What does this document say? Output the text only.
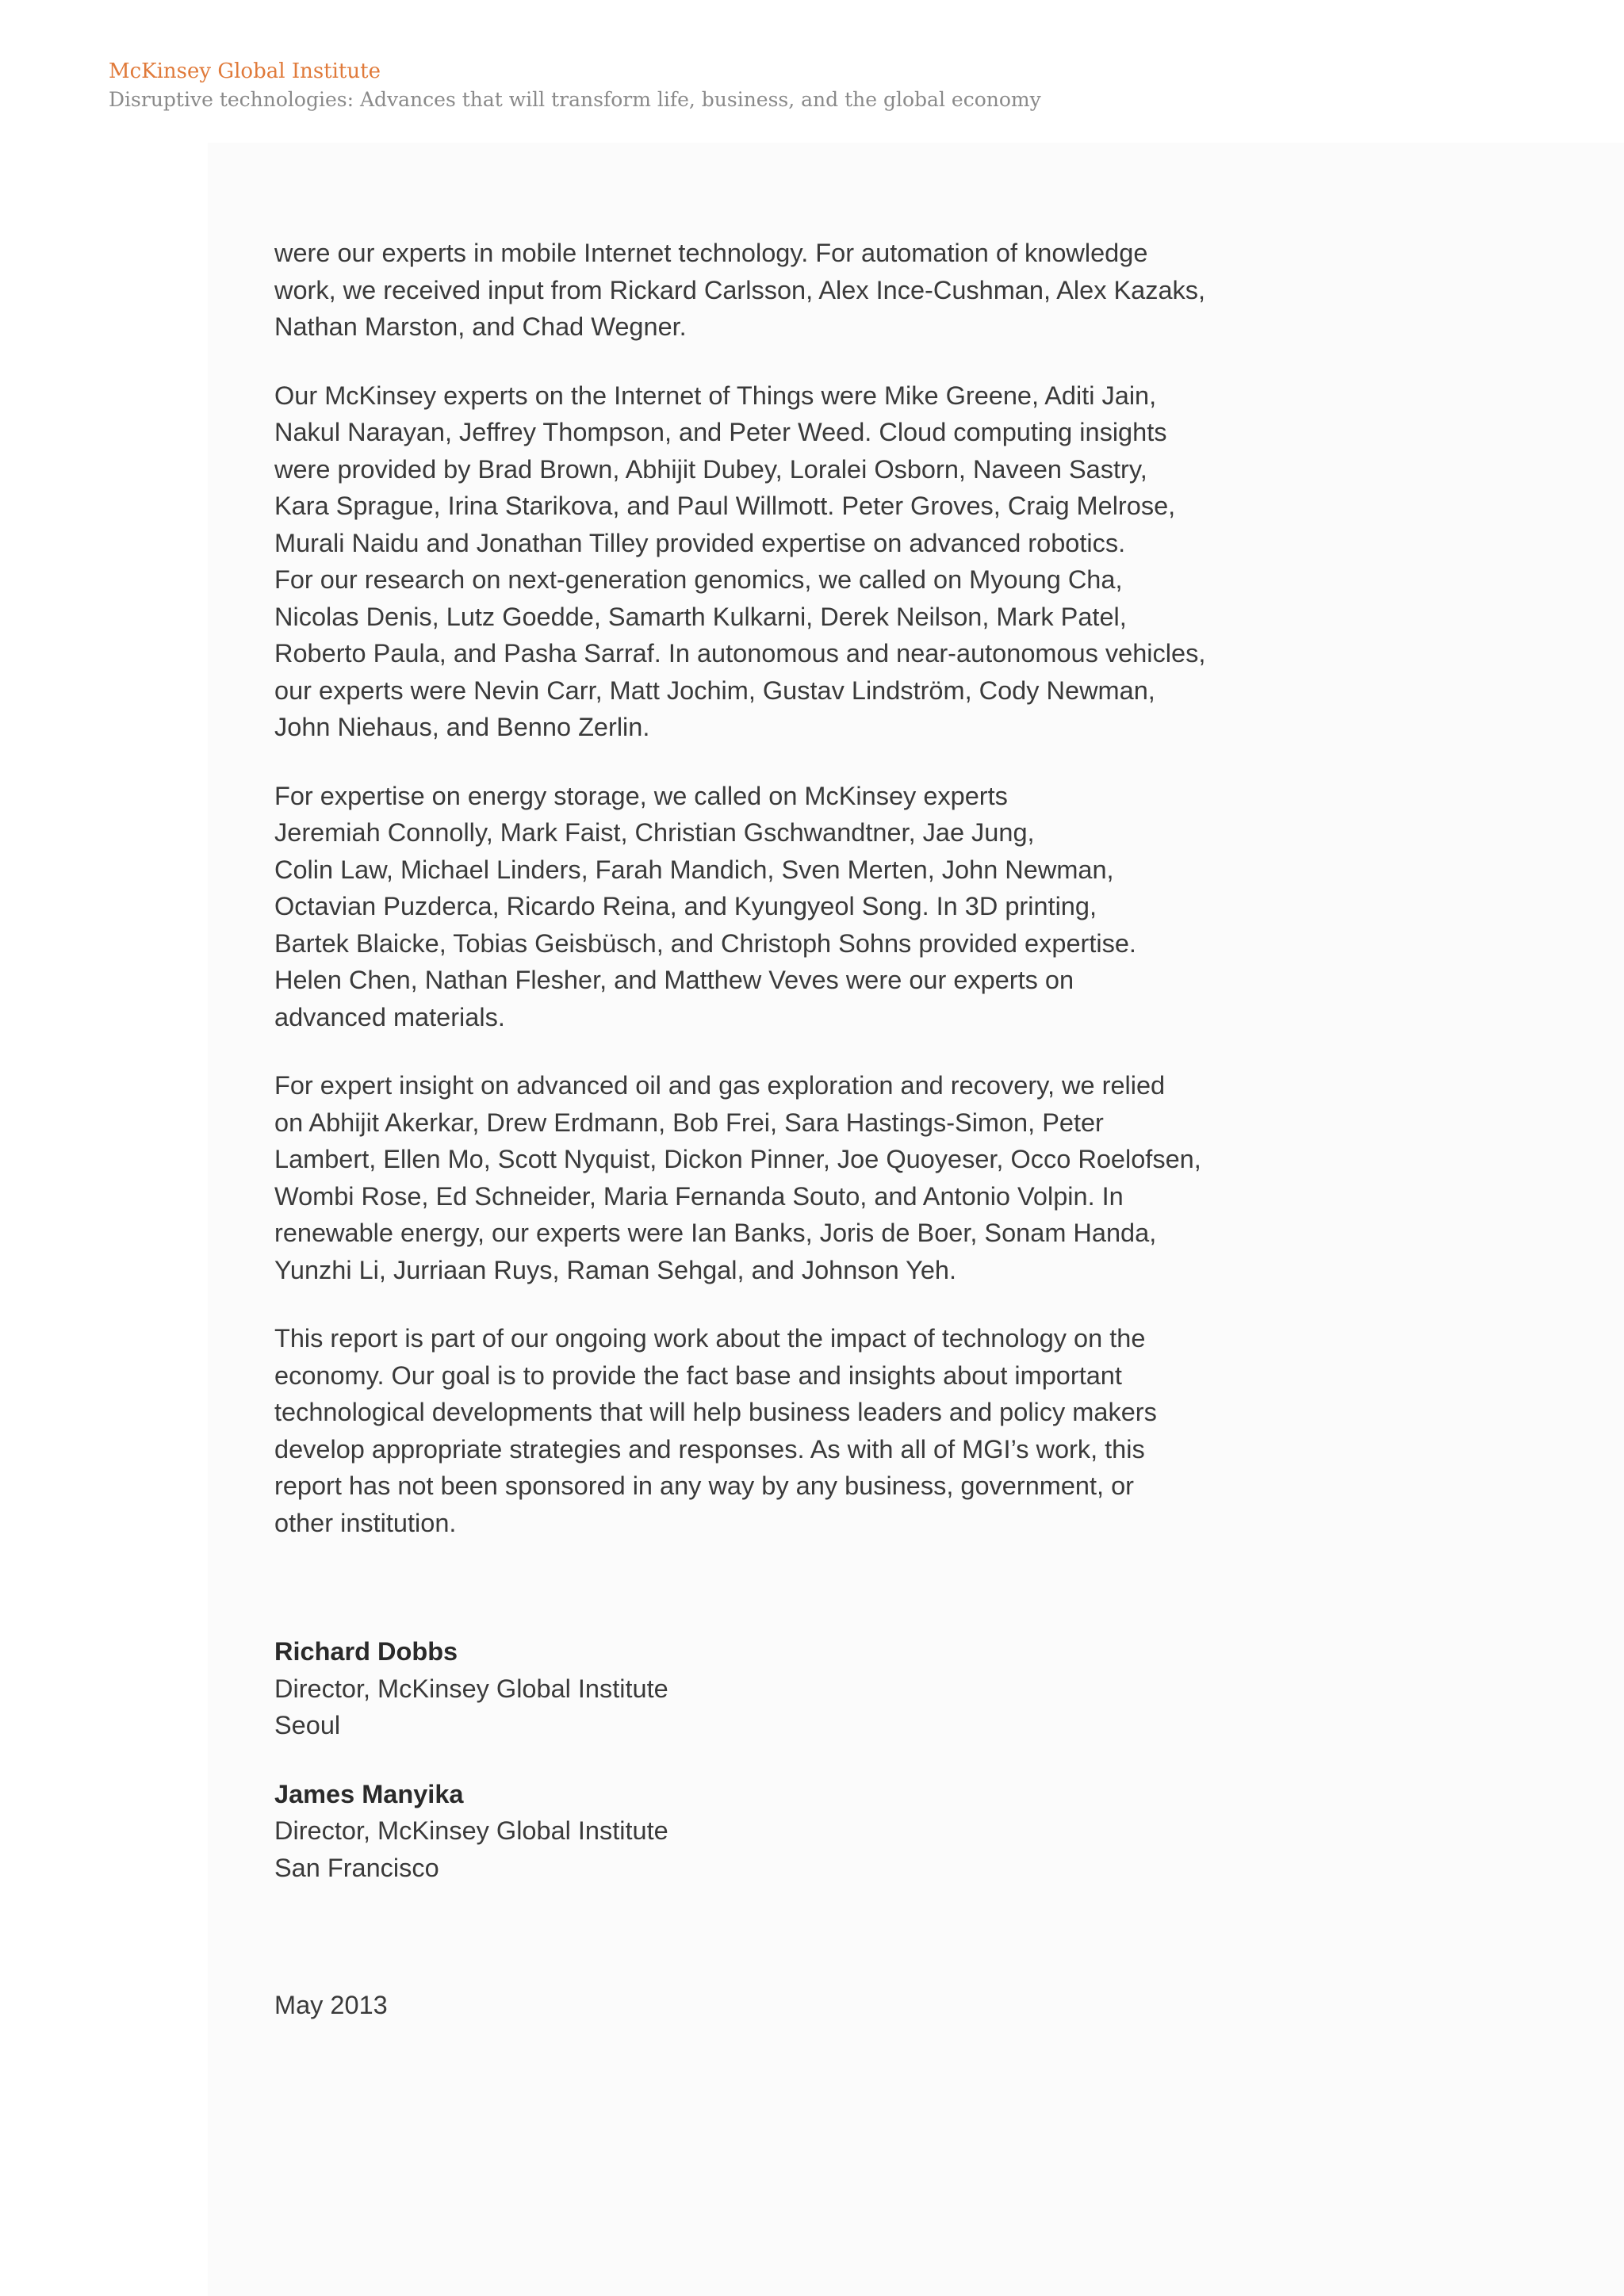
McKinsey Global Institute
Disruptive technologies: Advances that will transform life, business, and the global economy

were our experts in mobile Internet technology. For automation of knowledge
work, we received input from Rickard Carlsson, Alex Ince-Cushman, Alex Kazaks,
Nathan Marston, and Chad Wegner.

Our McKinsey experts on the Internet of Things were Mike Greene, Aditi Jain,
Nakul Narayan, Jeffrey Thompson, and Peter Weed. Cloud computing insights
were provided by Brad Brown, Abhijit Dubey, Loralei Osborn, Naveen Sastry,
Kara Sprague, Irina Starikova, and Paul Willmott. Peter Groves, Craig Melrose,
Murali Naidu and Jonathan Tilley provided expertise on advanced robotics.
For our research on next-generation genomics, we called on Myoung Cha,
Nicolas Denis, Lutz Goedde, Samarth Kulkarni, Derek Neilson, Mark Patel,
Roberto Paula, and Pasha Sarraf. In autonomous and near-autonomous vehicles,
our experts were Nevin Carr, Matt Jochim, Gustav Lindström, Cody Newman,
John Niehaus, and Benno Zerlin.

For expertise on energy storage, we called on McKinsey experts
Jeremiah Connolly, Mark Faist, Christian Gschwandtner, Jae Jung,
Colin Law, Michael Linders, Farah Mandich, Sven Merten, John Newman,
Octavian Puzderca, Ricardo Reina, and Kyungyeol Song. In 3D printing,
Bartek Blaicke, Tobias Geisbüsch, and Christoph Sohns provided expertise.
Helen Chen, Nathan Flesher, and Matthew Veves were our experts on
advanced materials.

For expert insight on advanced oil and gas exploration and recovery, we relied
on Abhijit Akerkar, Drew Erdmann, Bob Frei, Sara Hastings-Simon, Peter
Lambert, Ellen Mo, Scott Nyquist, Dickon Pinner, Joe Quoyeser, Occo Roelofsen,
Wombi Rose, Ed Schneider, Maria Fernanda Souto, and Antonio Volpin. In
renewable energy, our experts were Ian Banks, Joris de Boer, Sonam Handa,
Yunzhi Li, Jurriaan Ruys, Raman Sehgal, and Johnson Yeh.

This report is part of our ongoing work about the impact of technology on the
economy. Our goal is to provide the fact base and insights about important
technological developments that will help business leaders and policy makers
develop appropriate strategies and responses. As with all of MGI’s work, this
report has not been sponsored in any way by any business, government, or
other institution.

Richard Dobbs
Director, McKinsey Global Institute
Seoul
James Manyika
Director, McKinsey Global Institute
San Francisco
May 2013
